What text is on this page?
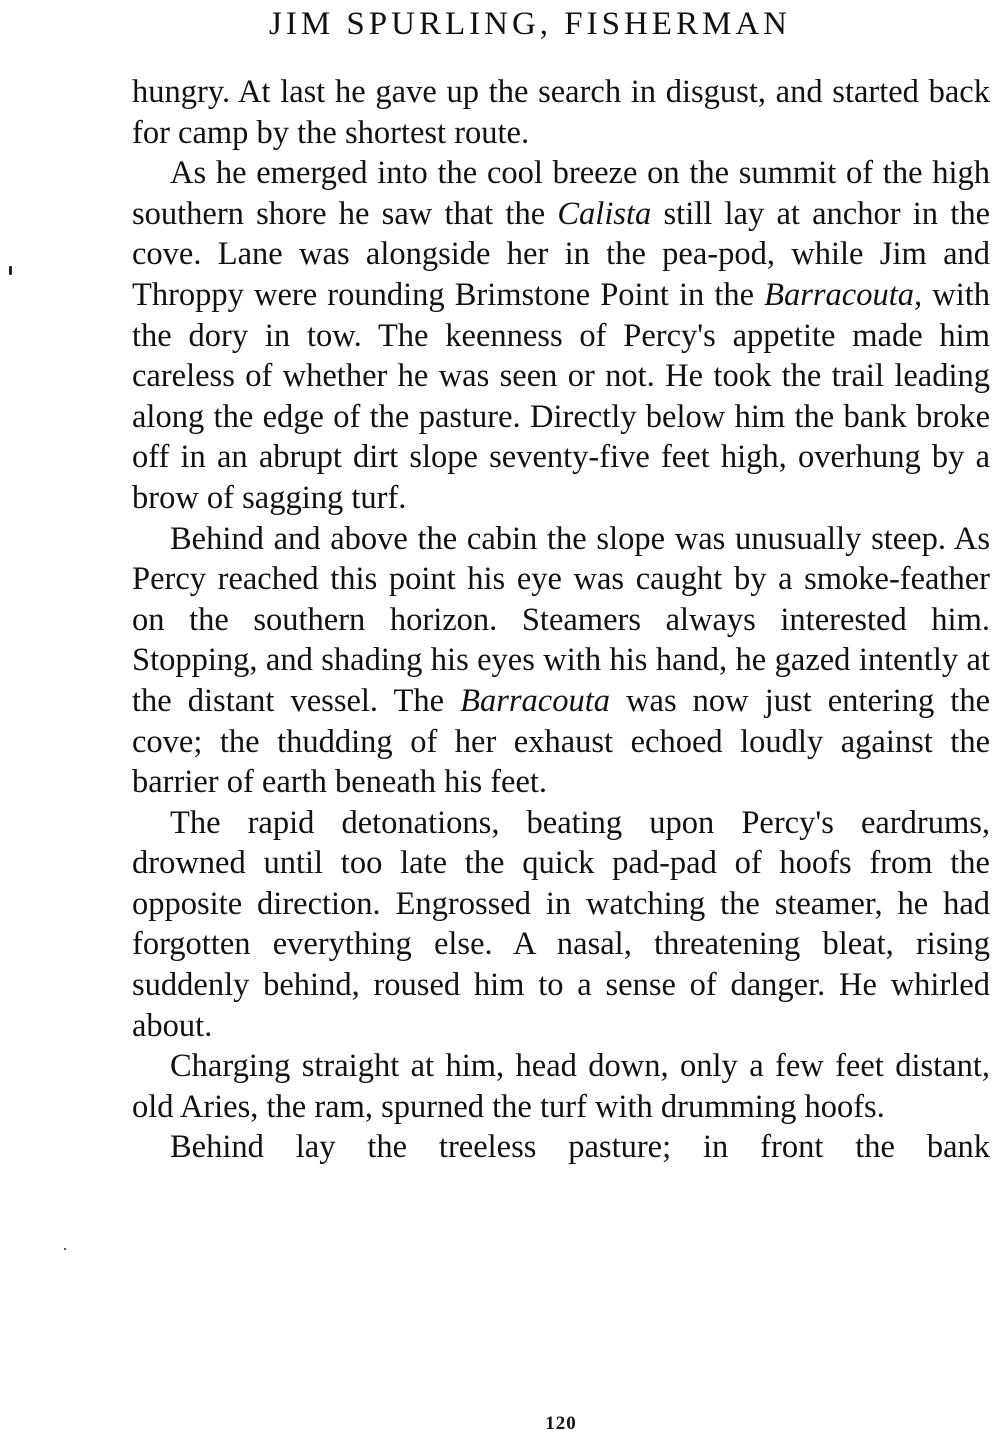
JIM SPURLING, FISHERMAN

hungry. At last he gave up the search in disgust, and started back for camp by the shortest route.

As he emerged into the cool breeze on the summit of the high southern shore he saw that the Calista still lay at anchor in the cove. Lane was alongside her in the pea-pod, while Jim and Throppy were rounding Brimstone Point in the Barracouta, with the dory in tow. The keenness of Percy's appetite made him careless of whether he was seen or not. He took the trail leading along the edge of the pasture. Directly below him the bank broke off in an abrupt dirt slope seventy-five feet high, overhung by a brow of sagging turf.

Behind and above the cabin the slope was unusually steep. As Percy reached this point his eye was caught by a smoke-feather on the southern horizon. Steamers always interested him. Stopping, and shading his eyes with his hand, he gazed intently at the distant vessel. The Barracouta was now just entering the cove; the thudding of her exhaust echoed loudly against the barrier of earth beneath his feet.

The rapid detonations, beating upon Percy's eardrums, drowned until too late the quick pad-pad of hoofs from the opposite direction. Engrossed in watching the steamer, he had forgotten everything else. A nasal, threatening bleat, rising suddenly behind, roused him to a sense of danger. He whirled about.

Charging straight at him, head down, only a few feet distant, old Aries, the ram, spurned the turf with drumming hoofs.

Behind lay the treeless pasture; in front the bank

120
